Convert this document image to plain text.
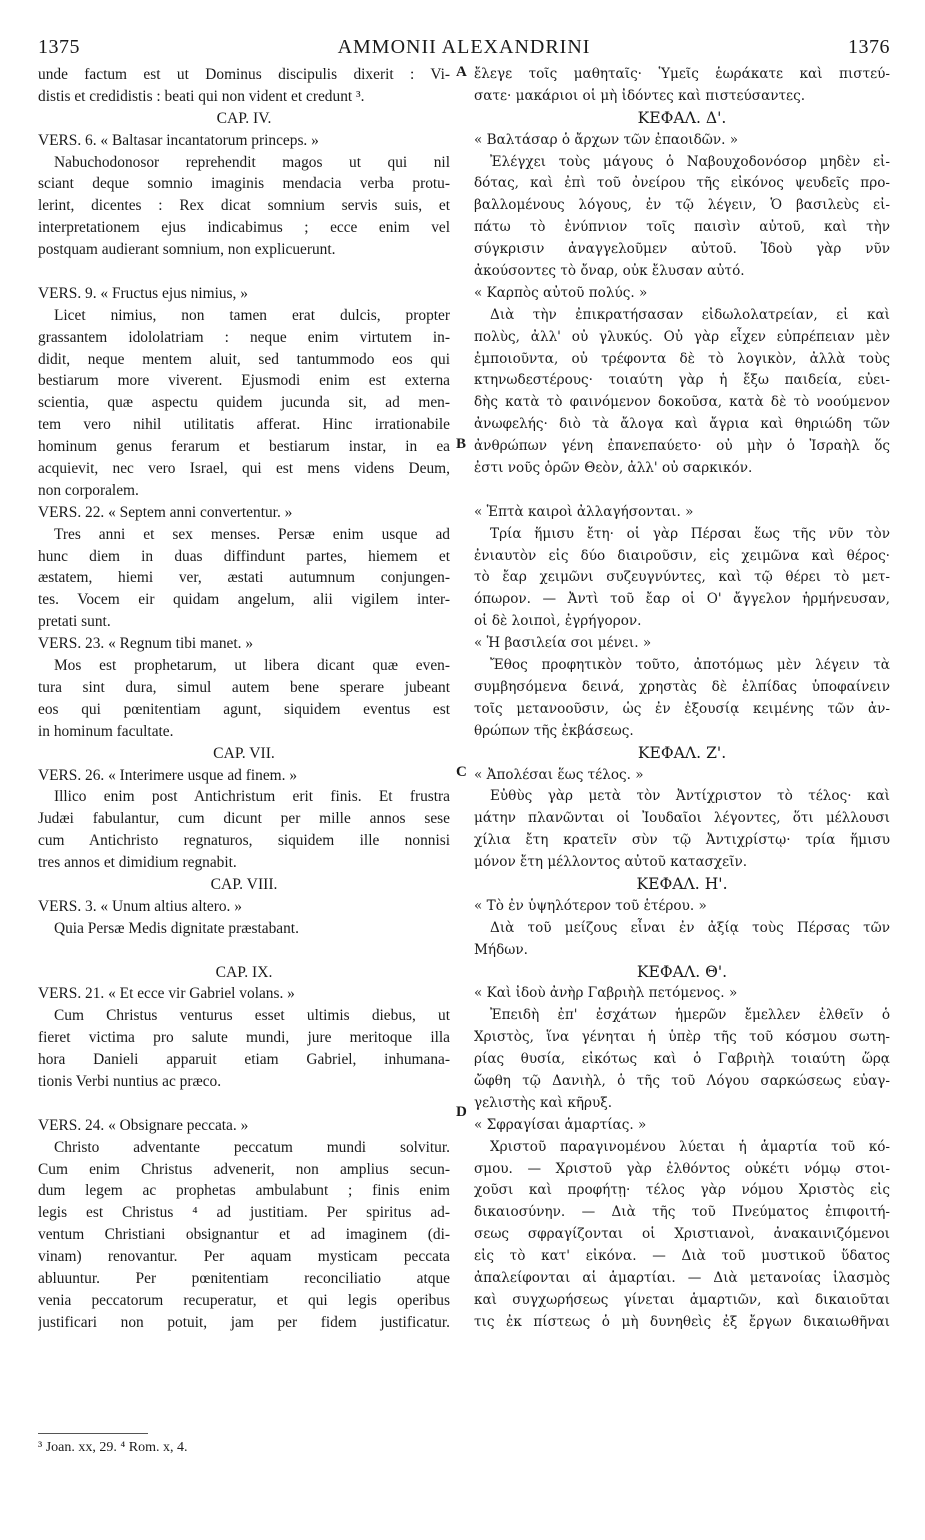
1375	AMMONII ALEXANDRINI	1376
unde factum est ut Dominus discipulis dixerit : Vi-
distis et credidistis : beati qui non vident et credunt ³.
CAP. IV.
VERS. 6. « Baltasar incantatorum princeps. »
Nabuchodonosor reprehendit magos ut qui nil
sciant deque somnio imaginis mendacia verba protu-
lerint, dicentes : Rex dicat somnium servis suis, et
interpretationem ejus indicabimus ; ecce enim vel
postquam audierant somnium, non explicuerunt.
VERS. 9. « Fructus ejus nimius, »
Licet nimius, non tamen erat dulcis, propter
grassantem idololatriam : neque enim virtutem in-
didit, neque mentem aluit, sed tantummodo eos qui
bestiarum more viverent. Ejusmodi enim est externa
scientia, quæ aspectu quidem jucunda sit, ad men-
tem vero nihil utilitatis afferat. Hinc irrationabile
hominum genus ferarum et bestiarum instar, in ea
acquievit, nec vero Israel, qui est mens videns Deum,
non corporalem.
VERS. 22. « Septem anni convertentur. »
Tres anni et sex menses. Persæ enim usque ad
hunc diem in duas diffindunt partes, hiemem et
æstatem, hiemi ver, æstati autumnum conjungen-
tes. Vocem eir quidam angelum, alii vigilem inter-
pretati sunt.
VERS. 23. « Regnum tibi manet. »
Mos est prophetarum, ut libera dicant quæ even-
tura sint dura, simul autem bene sperare jubeant
eos qui pœnitentiam agunt, siquidem eventus est
in hominum facultate.
CAP. VII.
VERS. 26. « Interimere usque ad finem. »
Illico enim post Antichristum erit finis. Et frustra
Judæi fabulantur, cum dicunt per mille annos sese
cum Antichristo regnaturos, siquidem ille nonnisi
tres annos et dimidium regnabit.
CAP. VIII.
VERS. 3. « Unum altius altero. »
Quia Persæ Medis dignitate præstabant.
CAP. IX.
VERS. 21. « Et ecce vir Gabriel volans. »
Cum Christus venturus esset ultimis diebus, ut
fieret victima pro salute mundi, jure meritoque illa
hora Danieli apparuit etiam Gabriel, inhumana-
tionis Verbi nuntius ac præco.
VERS. 24. « Obsignare peccata. »
Christo adventante peccatum mundi solvitur.
Cum enim Christus advenerit, non amplius secun-
dum legem ac prophetas ambulabunt ; finis enim
legis est Christus ⁴ ad justitiam. Per spiritus ad-
ventum Christiani obsignantur et ad imaginem (di-
vinam) renovantur. Per aquam mysticam peccata
abluuntur. Per pœnitentiam reconciliatio atque
venia peccatorum recuperatur, et qui legis operibus
justificari non potuit, jam per fidem justificatur.
ἔλεγε τοῖς μαθηταῖς· Ὑμεῖς ἑωράκατε καὶ πιστεύ-
σατε· μακάριοι οἱ μὴ ἰδόντες καὶ πιστεύσαντες.
ΚΕΦΑΛ. Δ'.
« Βαλτάσαρ ὁ ἄρχων τῶν ἐπαοιδῶν. »
Ἐλέγχει τοὺς μάγους ὁ Ναβουχοδονόσορ μηδὲν εἰ-
δότας, καὶ ἐπὶ τοῦ ὀνείρου τῆς εἰκόνος ψευδεῖς προ-
βαλλομένους λόγους, ἐν τῷ λέγειν, Ὁ βασιλεὺς εἰ-
πάτω τὸ ἐνύπνιον τοῖς παισὶν αὐτοῦ, καὶ τὴν
σύγκρισιν ἀναγγελοῦμεν αὐτοῦ. Ἰδοὺ γὰρ νῦν
ἀκούσοντες τὸ ὄναρ, οὐκ ἔλυσαν αὐτό.
« Καρπὸς αὐτοῦ πολύς. »
Διὰ τὴν ἐπικρατήσασαν εἰδωλολατρείαν, εἰ καὶ
πολὺς, ἀλλ' οὐ γλυκύς. Οὐ γὰρ εἶχεν εὐπρέπειαν μὲν
ἐμποιοῦντα, οὐ τρέφοντα δὲ τὸ λογικὸν, ἀλλὰ τοὺς
κτηνωδεστέρους· τοιαύτη γὰρ ἡ ἔξω παιδεία, εὐει-
δὴς κατὰ τὸ φαινόμενον δοκοῦσα, κατὰ δὲ τὸ νοούμενον
ἀνωφελής· διὸ τὰ ἄλογα καὶ ἄγρια καὶ θηριώδη τῶν
ἀνθρώπων γένη ἐπανεπαύετο· οὐ μὴν ὁ Ἰσραὴλ ὅς
ἐστι νοῦς ὁρῶν Θεὸν, ἀλλ' οὐ σαρκικόν.
« Ἑπτὰ καιροὶ ἀλλαγήσονται. »
Τρία ἥμισυ ἔτη· οἱ γὰρ Πέρσαι ἕως τῆς νῦν τὸν
ἐνιαυτὸν εἰς δύο διαιροῦσιν, εἰς χειμῶνα καὶ θέρος·
τὸ ἔαρ χειμῶνι συζευγνύντες, καὶ τῷ θέρει τὸ μετ-
όπωρον. — Ἀντὶ τοῦ ἔαρ οἱ Ο' ἄγγελον ἡρμήνευσαν,
οἱ δὲ λοιποὶ, ἐγρήγορον.
« Ἡ βασιλεία σοι μένει. »
Ἔθος προφητικὸν τοῦτο, ἀποτόμως μὲν λέγειν τὰ
συμβησόμενα δεινά, χρηστὰς δὲ ἐλπίδας ὑποφαίνειν
τοῖς μετανοοῦσιν, ὡς ἐν ἐξουσίᾳ κειμένης τῶν ἀν-
θρώπων τῆς ἐκβάσεως.
ΚΕΦΑΛ. Ζ'.
« Ἀπολέσαι ἕως τέλος. »
Εὐθὺς γὰρ μετὰ τὸν Ἀντίχριστον τὸ τέλος· καὶ
μάτην πλανῶνται οἱ Ἰουδαῖοι λέγοντες, ὅτι μέλλουσι
χίλια ἔτη κρατεῖν σὺν τῷ Ἀντιχρίστῳ· τρία ἥμισυ
μόνον ἔτη μέλλοντος αὐτοῦ κατασχεῖν.
ΚΕΦΑΛ. Η'.
« Τὸ ἐν ὑψηλότερον τοῦ ἑτέρου. »
Διὰ τοῦ μείζους εἶναι ἐν ἀξίᾳ τοὺς Πέρσας τῶν
Μήδων.
ΚΕΦΑΛ. Θ'.
« Καὶ ἰδοὺ ἀνὴρ Γαβριὴλ πετόμενος. »
Ἐπειδὴ ἐπ' ἐσχάτων ἡμερῶν ἔμελλεν ἐλθεῖν ὁ
Χριστὸς, ἵνα γένηται ἡ ὑπὲρ τῆς τοῦ κόσμου σωτη-
ρίας θυσία, εἰκότως καὶ ὁ Γαβριὴλ τοιαύτη ὥρᾳ
ὤφθη τῷ Δανιὴλ, ὁ τῆς τοῦ Λόγου σαρκώσεως εὐαγ-
γελιστὴς καὶ κῆρυξ.
« Σφραγίσαι ἁμαρτίας. »
Χριστοῦ παραγινομένου λύεται ἡ ἁμαρτία τοῦ κό-
σμου. — Χριστοῦ γὰρ ἐλθόντος οὐκέτι νόμῳ στοι-
χοῦσι καὶ προφήτῃ· τέλος γὰρ νόμου Χριστὸς εἰς
δικαιοσύνην. — Διὰ τῆς τοῦ Πνεύματος ἐπιφοιτή-
σεως σφραγίζονται οἱ Χριστιανοὶ, ἀνακαινιζόμενοι
εἰς τὸ κατ' εἰκόνα. — Διὰ τοῦ μυστικοῦ ὕδατος
ἀπαλείφονται αἱ ἁμαρτίαι. — Διὰ μετανοίας ἱλασμὸς
καὶ συγχωρήσεως γίνεται ἁμαρτιῶν, καὶ δικαιοῦται
τις ἐκ πίστεως ὁ μὴ δυνηθεὶς ἐξ ἔργων δικαιωθῆναι
A
B
C
D
³ Joan. xx, 29. ⁴ Rom. x, 4.
